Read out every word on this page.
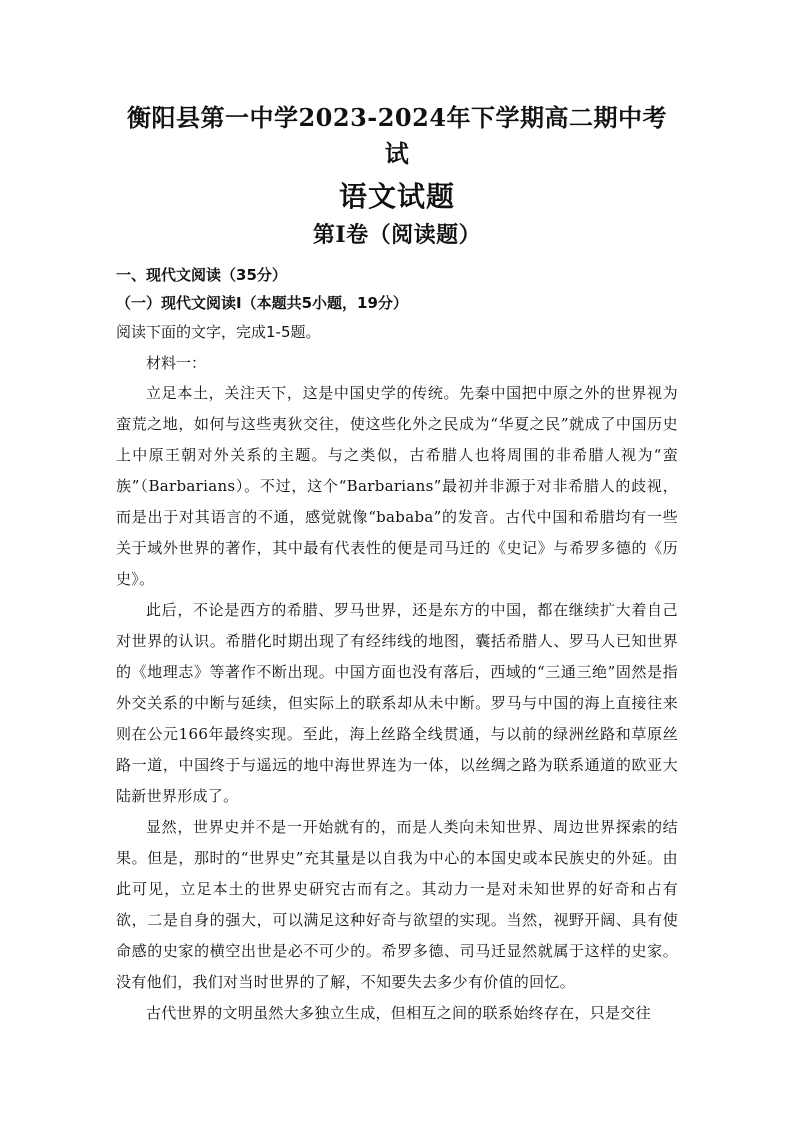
衡阳县第一中学2023-2024年下学期高二期中考试
语文试题
第Ⅰ卷（阅读题）
一、现代文阅读（35分）
（一）现代文阅读Ⅰ（本题共5小题，19分）
阅读下面的文字，完成1-5题。
材料一：

立足本土，关注天下，这是中国史学的传统。先秦中国把中原之外的世界视为蛮荒之地，如何与这些夷狄交往，使这些化外之民成为“华夏之民”就成了中国历史上中原王朝对外关系的主题。与之类似，古希腊人也将周围的非希腊人视为“蛮族”（Barbarians）。不过，这个“Barbarians”最初并非源于对非希腊人的歧视，而是出于对其语言的不通，感觉就像“bababa”的发音。古代中国和希腊均有一些关于域外世界的著作，其中最有代表性的便是司马迁的《史记》与希罗多德的《历史》。

此后，不论是西方的希腊、罗马世界，还是东方的中国，都在继续扩大着自己对世界的认识。希腊化时期出现了有经纬线的地图，囊括希腊人、罗马人已知世界的《地理志》等著作不断出现。中国方面也没有落后，西域的“三通三绝”固然是指外交关系的中断与延续，但实际上的联系却从未中断。罗马与中国的海上直接往来则在公元166年最终实现。至此，海上丝路全线贯通，与以前的绿洲丝路和草原丝路一道，中国终于与遥远的地中海世界连为一体，以丝绸之路为联系通道的欧亚大陆新世界形成了。

显然，世界史并不是一开始就有的，而是人类向未知世界、周边世界探索的结果。但是，那时的“世界史”充其量是以自我为中心的本国史或本民族史的外延。由此可见，立足本土的世界史研究古而有之。其动力一是对未知世界的好奇和占有欲，二是自身的强大，可以满足这种好奇与欲望的实现。当然，视野开阔、具有使命感的史家的横空出世是必不可少的。希罗多德、司马迁显然就属于这样的史家。没有他们，我们对当时世界的了解，不知要失去多少有价值的回忆。

古代世界的文明虽然大多独立生成，但相互之间的联系始终存在，只是交往
